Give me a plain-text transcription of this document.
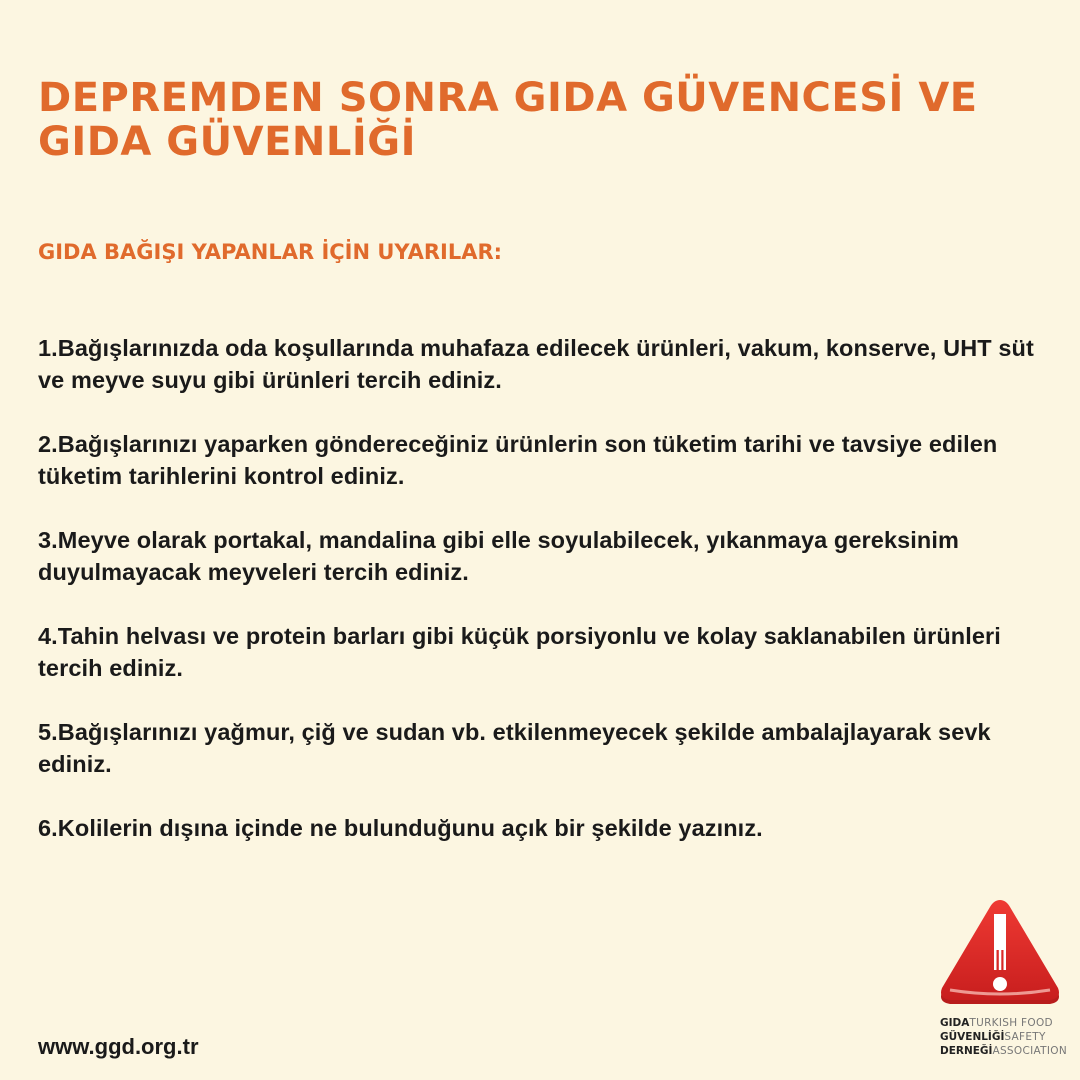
DEPREMDEN SONRA GIDA GÜVENCESİ VE
GIDA GÜVENLİĞİ
GIDA BAĞIŞI YAPANLAR İÇİN UYARILAR:
1.Bağışlarınızda oda koşullarında muhafaza edilecek ürünleri, vakum, konserve, UHT süt ve meyve suyu gibi ürünleri tercih ediniz.
2.Bağışlarınızı yaparken göndereceğiniz ürünlerin son tüketim tarihi ve tavsiye edilen tüketim tarihlerini kontrol ediniz.
3.Meyve olarak portakal, mandalina gibi elle soyulabilecek, yıkanmaya gereksinim duyulmayacak meyveleri tercih ediniz.
4.Tahin helvası ve protein barları gibi küçük porsiyonlu ve kolay saklanabilen ürünleri tercih ediniz.
5.Bağışlarınızı yağmur, çiğ ve sudan vb. etkilenmeyecek şekilde ambalajlayarak sevk ediniz.
6.Kolilerin dışına içinde ne bulunduğunu açık bir şekilde yazınız.
www.ggd.org.tr
GIDATURKISH FOOD
GÜVENLİĞİSAFETY
DERNEĞİASSOCIATION
